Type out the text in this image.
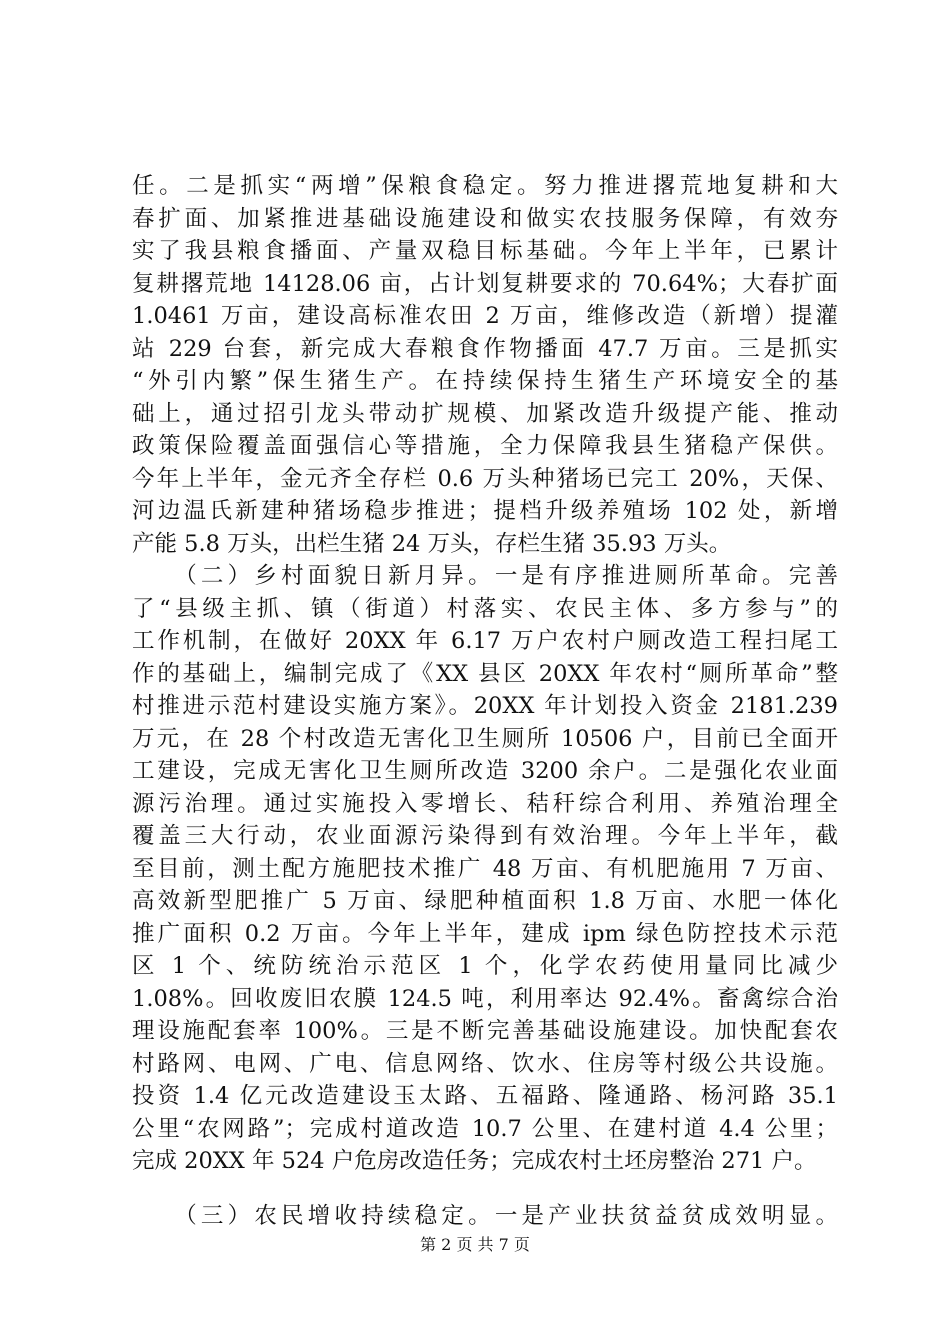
任。二是抓实“两增”保粮食稳定。努力推进撂荒地复耕和大
春扩面、加紧推进基础设施建设和做实农技服务保障，有效夯
实了我县粮食播面、产量双稳目标基础。今年上半年，已累计
复耕撂荒地 14128.06 亩，占计划复耕要求的 70.64%；大春扩面
1.0461 万亩，建设高标准农田 2 万亩，维修改造（新增）提灌
站 229 台套，新完成大春粮食作物播面 47.7 万亩。三是抓实
“外引内繁”保生猪生产。在持续保持生猪生产环境安全的基
础上，通过招引龙头带动扩规模、加紧改造升级提产能、推动
政策保险覆盖面强信心等措施，全力保障我县生猪稳产保供。
今年上半年，金元齐全存栏 0.6 万头种猪场已完工 20%，天保、
河边温氏新建种猪场稳步推进；提档升级养殖场 102 处，新增
产能 5.8 万头，出栏生猪 24 万头，存栏生猪 35.93 万头。
　　（二）乡村面貌日新月异。一是有序推进厕所革命。完善
了“县级主抓、镇（街道）村落实、农民主体、多方参与”的
工作机制，在做好 20XX 年 6.17 万户农村户厕改造工程扫尾工
作的基础上，编制完成了《XX 县区 20XX 年农村“厕所革命”整
村推进示范村建设实施方案》。20XX 年计划投入资金 2181.239
万元，在 28 个村改造无害化卫生厕所 10506 户，目前已全面开
工建设，完成无害化卫生厕所改造 3200 余户。二是强化农业面
源污治理。通过实施投入零增长、秸秆综合利用、养殖治理全
覆盖三大行动，农业面源污染得到有效治理。今年上半年，截
至目前，测土配方施肥技术推广 48 万亩、有机肥施用 7 万亩、
高效新型肥推广 5 万亩、绿肥种植面积 1.8 万亩、水肥一体化
推广面积 0.2 万亩。今年上半年，建成 ipm 绿色防控技术示范
区 1 个、统防统治示范区 1 个，化学农药使用量同比减少
1.08%。回收废旧农膜 124.5 吨，利用率达 92.4%。畜禽综合治
理设施配套率 100%。三是不断完善基础设施建设。加快配套农
村路网、电网、广电、信息网络、饮水、住房等村级公共设施。
投资 1.4 亿元改造建设玉太路、五福路、隆通路、杨河路 35.1
公里“农网路”；完成村道改造 10.7 公里、在建村道 4.4 公里；
完成 20XX 年 524 户危房改造任务；完成农村土坯房整治 271 户。
　　（三）农民增收持续稳定。一是产业扶贫益贫成效明显。
第 2 页 共 7 页
